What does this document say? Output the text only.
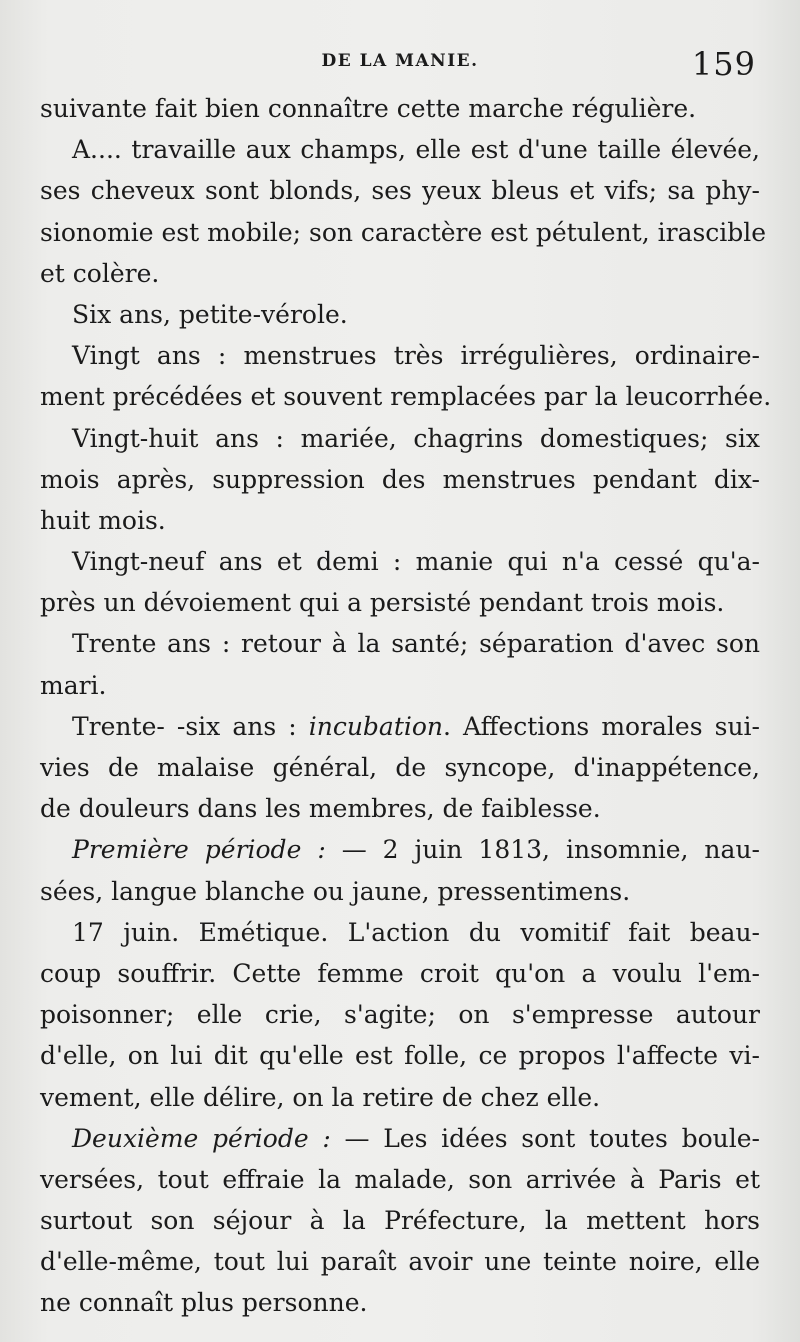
DE LA MANIE.	159
suivante fait bien connaître cette marche régulière.
A.... travaille aux champs, elle est d'une taille élevée,
ses cheveux sont blonds, ses yeux bleus et vifs; sa phy-
sionomie est mobile; son caractère est pétulent, irascible
et colère.
Six ans, petite-vérole.
Vingt ans : menstrues très irrégulières, ordinaire-
ment précédées et souvent remplacées par la leucorrhée.
Vingt-huit ans : mariée, chagrins domestiques; six
mois après, suppression des menstrues pendant dix-
huit mois.
Vingt-neuf ans et demi : manie qui n'a cessé qu'a-
près un dévoiement qui a persisté pendant trois mois.
Trente ans : retour à la santé; séparation d'avec son
mari.
Trente- -six ans : incubation. Affections morales sui-
vies de malaise général, de syncope, d'inappétence,
de douleurs dans les membres, de faiblesse.
Première période : — 2 juin 1813, insomnie, nau-
sées, langue blanche ou jaune, pressentimens.
17 juin. Emétique. L'action du vomitif fait beau-
coup souffrir. Cette femme croit qu'on a voulu l'em-
poisonner; elle crie, s'agite; on s'empresse autour
d'elle, on lui dit qu'elle est folle, ce propos l'affecte vi-
vement, elle délire, on la retire de chez elle.
Deuxième période : — Les idées sont toutes boule-
versées, tout effraie la malade, son arrivée à Paris et
surtout son séjour à la Préfecture, la mettent hors
d'elle-même, tout lui paraît avoir une teinte noire, elle
ne connaît plus personne.
